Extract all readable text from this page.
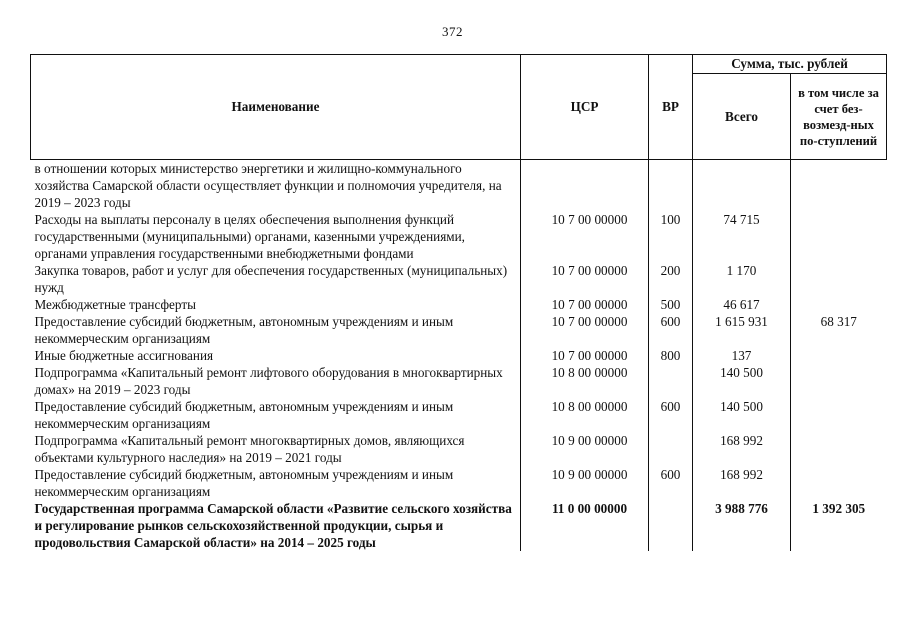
372
Наименование	ЦСР	ВР	Сумма, тыс. рублей	
			Всего	в том числе за счет без-возмезд-ных по-ступлений
в отношении которых министерство энергетики и жилищно-коммунального хозяйства Самарской области осуществляет функции и полномочия учредителя, на 2019 – 2023 годы				
Расходы на выплаты персоналу в целях обеспечения выполнения функций государственными (муниципальными) органами, казенными учреждениями, органами управления государственными внебюджетными фондами	10 7 00 00000	100	74 715	
Закупка товаров, работ и услуг для обеспечения государственных (муниципальных) нужд	10 7 00 00000	200	1 170	
Межбюджетные трансферты	10 7 00 00000	500	46 617	
Предоставление субсидий бюджетным, автономным учреждениям и иным некоммерческим организациям	10 7 00 00000	600	1 615 931	68 317
Иные бюджетные ассигнования	10 7 00 00000	800	137	
Подпрограмма «Капитальный ремонт лифтового оборудования в многоквартирных домах» на 2019 – 2023 годы	10 8 00 00000		140 500	
Предоставление субсидий бюджетным, автономным учреждениям и иным некоммерческим организациям	10 8 00 00000	600	140 500	
Подпрограмма «Капитальный ремонт многоквартирных домов, являющихся объектами культурного наследия» на 2019 – 2021 годы	10 9 00 00000		168 992	
Предоставление субсидий бюджетным, автономным учреждениям и иным некоммерческим организациям	10 9 00 00000	600	168 992	
Государственная программа Самарской области «Развитие сельского хозяйства и регулирование рынков сельскохозяйственной продукции, сырья и продовольствия Самарской области» на 2014 – 2025 годы	11 0 00 00000		3 988 776	1 392 305
